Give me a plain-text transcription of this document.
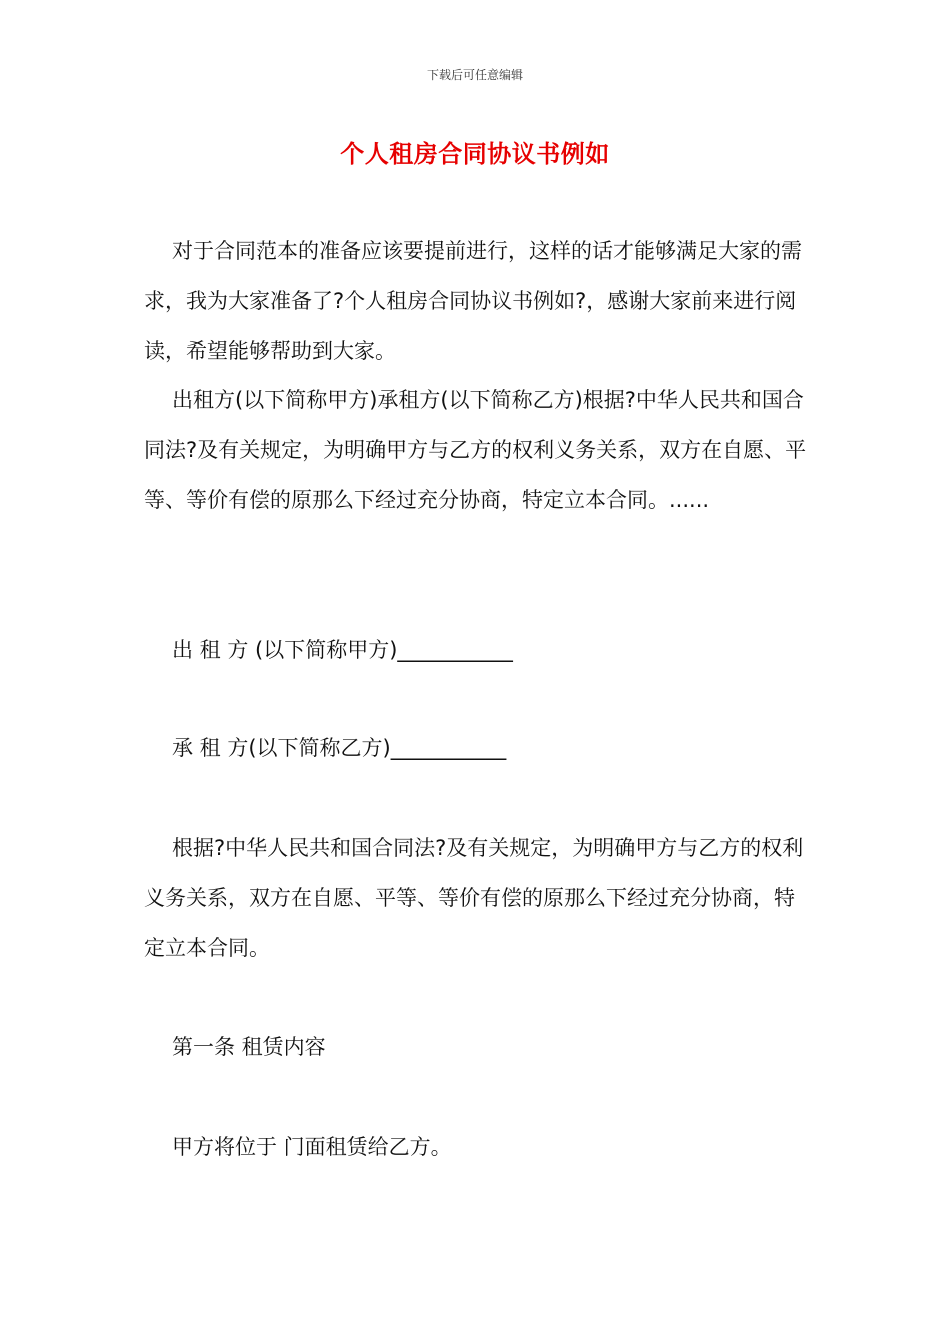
下载后可任意编辑
个人租房合同协议书例如

对于合同范本的准备应该要提前进行，这样的话才能够满足大家的需求，我为大家准备了?个人租房合同协议书例如?，感谢大家前来进行阅读，希望能够帮助到大家。

出租方(以下简称甲方)承租方(以下简称乙方)根据?中华人民共和国合同法?及有关规定，为明确甲方与乙方的权利义务关系，双方在自愿、平等、等价有偿的原那么下经过充分协商，特定立本合同。......

出 租 方 (以下简称甲方)___________

承 租 方(以下简称乙方)___________

根据?中华人民共和国合同法?及有关规定，为明确甲方与乙方的权利义务关系，双方在自愿、平等、等价有偿的原那么下经过充分协商，特定立本合同。

第一条 租赁内容

甲方将位于 门面租赁给乙方。
